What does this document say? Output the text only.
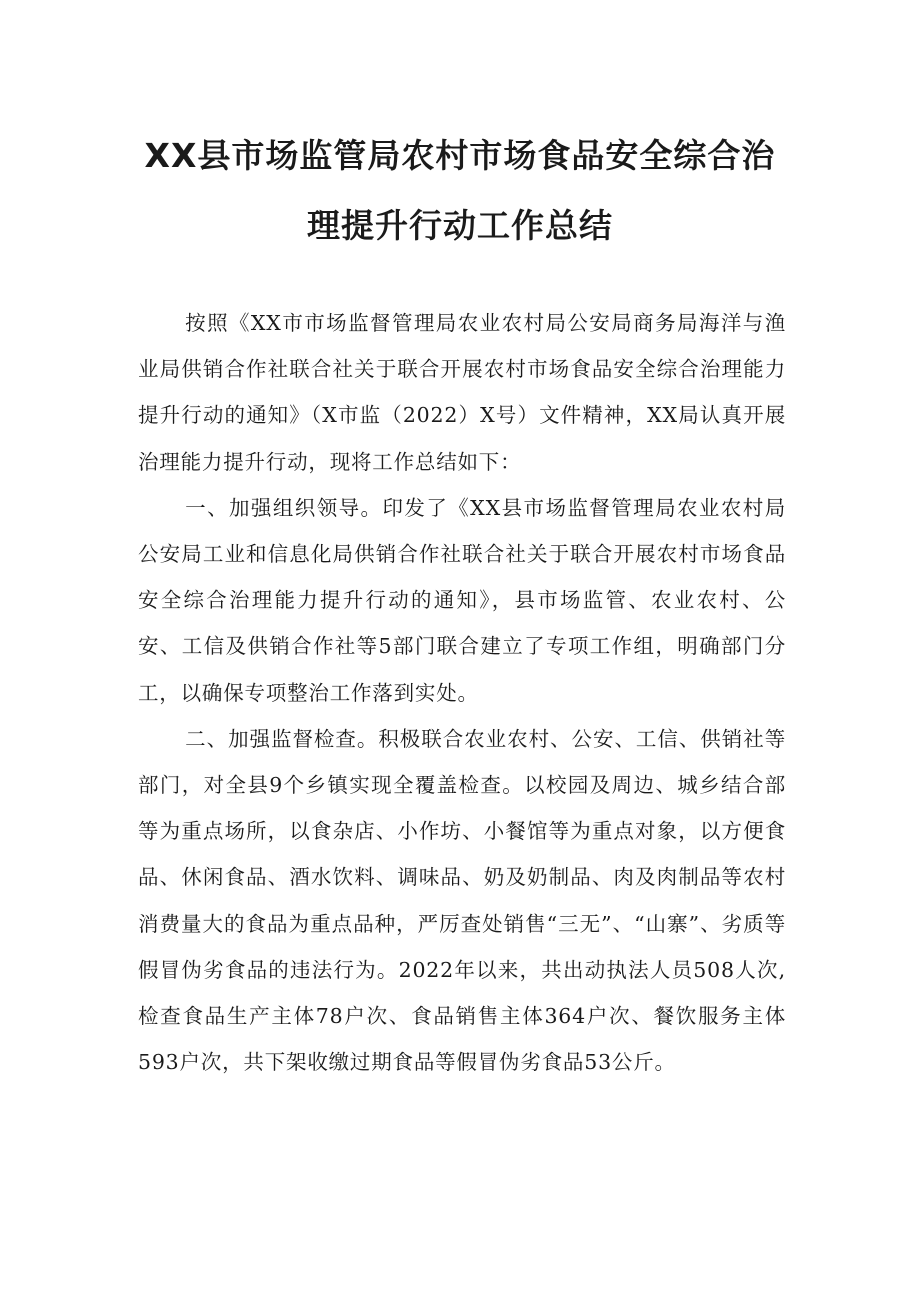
XX县市场监管局农村市场食品安全综合治
理提升行动工作总结

按照《XX市市场监督管理局农业农村局公安局商务局海洋与渔业局供销合作社联合社关于联合开展农村市场食品安全综合治理能力提升行动的通知》（X市监（2022）X号）文件精神，XX局认真开展治理能力提升行动，现将工作总结如下：

一、加强组织领导。印发了《XX县市场监督管理局农业农村局公安局工业和信息化局供销合作社联合社关于联合开展农村市场食品安全综合治理能力提升行动的通知》，县市场监管、农业农村、公安、工信及供销合作社等5部门联合建立了专项工作组，明确部门分工，以确保专项整治工作落到实处。

二、加强监督检查。积极联合农业农村、公安、工信、供销社等部门，对全县9个乡镇实现全覆盖检查。以校园及周边、城乡结合部等为重点场所，以食杂店、小作坊、小餐馆等为重点对象，以方便食品、休闲食品、酒水饮料、调味品、奶及奶制品、肉及肉制品等农村消费量大的食品为重点品种，严厉查处销售“三无”、“山寨”、劣质等假冒伪劣食品的违法行为。2022年以来，共出动执法人员508人次,检查食品生产主体78户次、食品销售主体364户次、餐饮服务主体593户次，共下架收缴过期食品等假冒伪劣食品53公斤。
